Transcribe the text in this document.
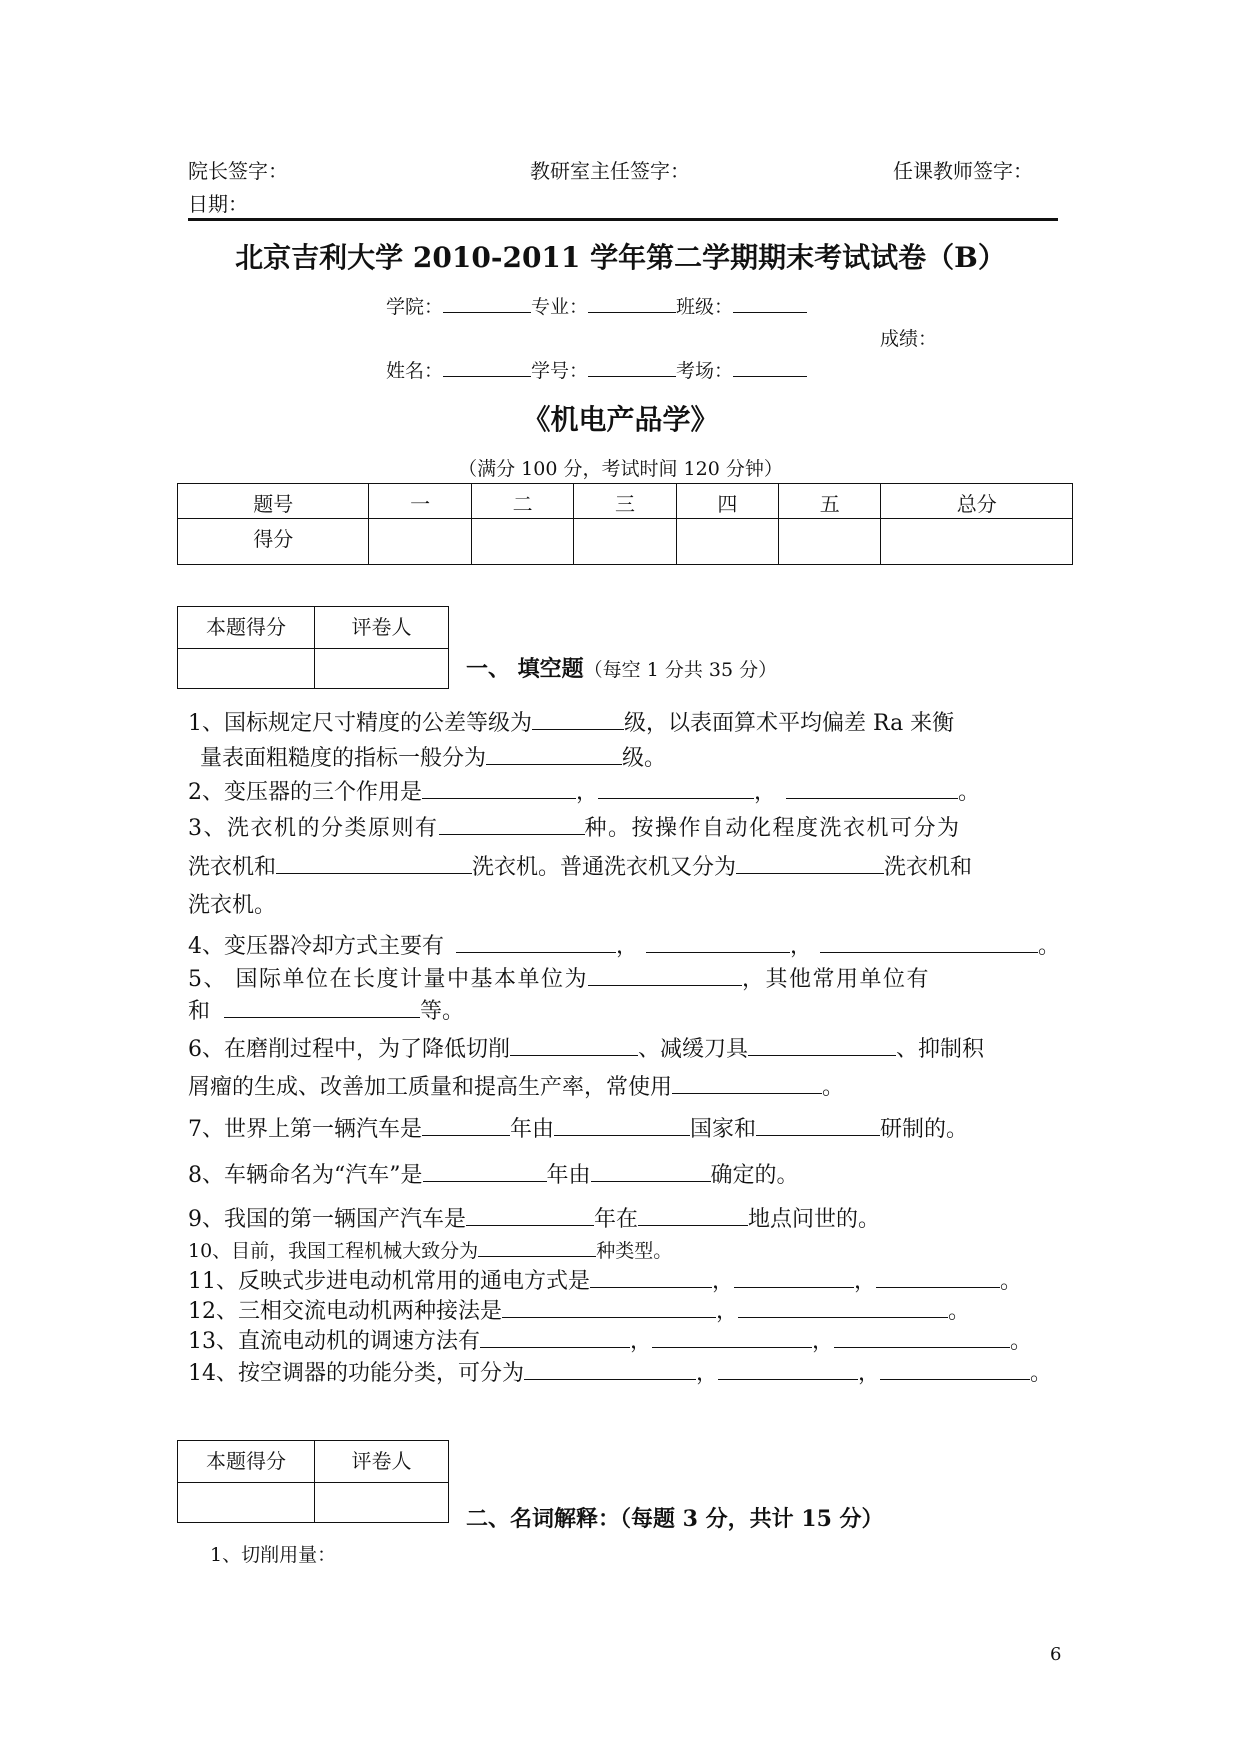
院长签字：	教研室主任签字：	任课教师签字：
日期：
北京吉利大学 2010-2011 学年第二学期期末考试试卷（B）
学院：	专业：	班级：
成绩：
姓名：	学号：	考场：
《机电产品学》
（满分 100 分，考试时间 120 分钟）
题号	一	二	三	四	五	总分
得分						
本题得分	评卷人

一、 填空题（每空 1 分共 35 分）
1、国标规定尺寸精度的公差等级为	级，以表面算术平均偏差 Ra 来衡
量表面粗糙度的指标一般分为	级。
2、变压器的三个作用是	，	，	。
3、洗衣机的分类原则有	种。按操作自动化程度洗衣机可分为
洗衣机和	洗衣机。普通洗衣机又分为	洗衣机和
洗衣机。
4、变压器冷却方式主要有	，	，	。
5、 国际单位在长度计量中基本单位为	，其他常用单位有
和	等。
6、在磨削过程中，为了降低切削	、减缓刀具	、抑制积
屑瘤的生成、改善加工质量和提高生产率，常使用	。
7、世界上第一辆汽车是	年由	国家和	研制的。
8、车辆命名为“汽车”是	年由	确定的。
9、我国的第一辆国产汽车是	年在	地点问世的。
10、目前，我国工程机械大致分为	种类型。
11、反映式步进电动机常用的通电方式是	，	，	。
12、三相交流电动机两种接法是	，	。
13、直流电动机的调速方法有	，	，	。
14、按空调器的功能分类，可分为	，	，	。
本题得分	评卷人

二、名词解释：（每题 3 分，共计 15 分）
1、切削用量：
6
